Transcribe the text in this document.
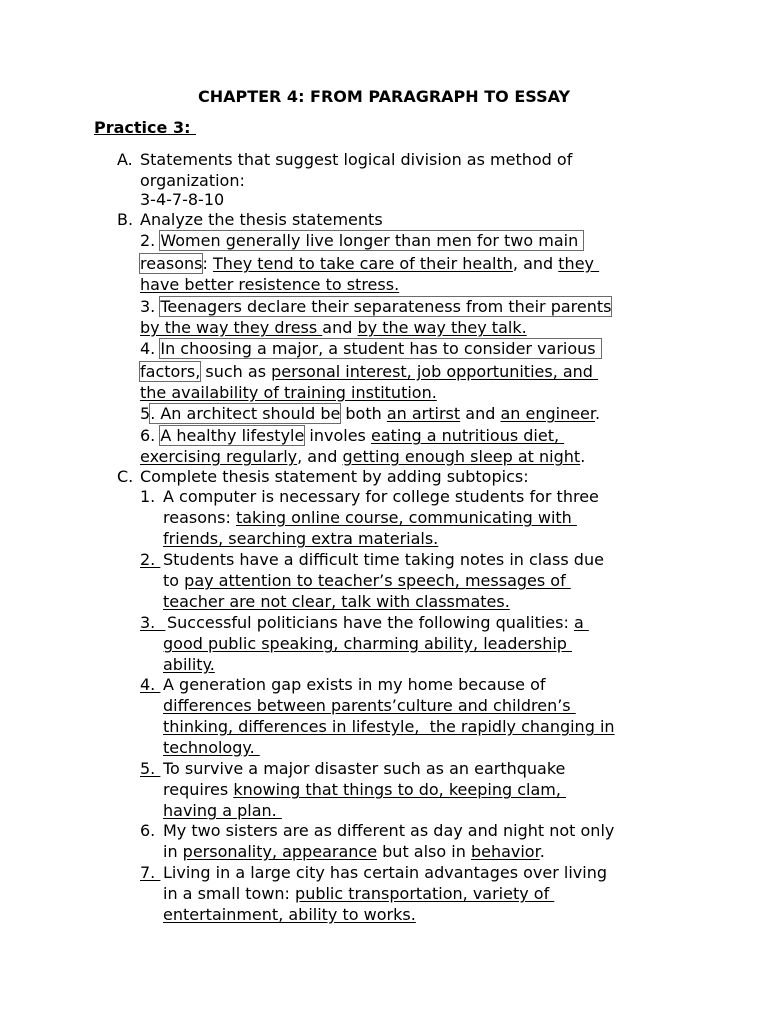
CHAPTER 4: FROM PARAGRAPH TO ESSAY
Practice 3:
A. Statements that suggest logical division as method of
organization:
3-4-7-8-10
B. Analyze the thesis statements
2. Women generally live longer than men for two main
reasons: They tend to take care of their health, and they
have better resistence to stress.
3. Teenagers declare their separateness from their parents
by the way they dress and by the way they talk.
4. In choosing a major, a student has to consider various
factors, such as personal interest, job opportunities, and
the availability of training institution.
5. An architect should be both an artirst and an engineer.
6. A healthy lifestyle involes eating a nutritious diet,
exercising regularly, and getting enough sleep at night.
C. Complete thesis statement by adding subtopics:
1. A computer is necessary for college students for three
reasons: taking online course, communicating with
friends, searching extra materials.
2. Students have a difficult time taking notes in class due
to pay attention to teacher’s speech, messages of
teacher are not clear, talk with classmates.
3. Successful politicians have the following qualities: a
good public speaking, charming ability, leadership
ability.
4. A generation gap exists in my home because of
differences between parents’culture and children’s
thinking, differences in lifestyle,  the rapidly changing in
technology.
5. To survive a major disaster such as an earthquake
requires knowing that things to do, keeping clam,
having a plan.
6. My two sisters are as different as day and night not only
in personality, appearance but also in behavior.
7. Living in a large city has certain advantages over living
in a small town: public transportation, variety of
entertainment, ability to works.
